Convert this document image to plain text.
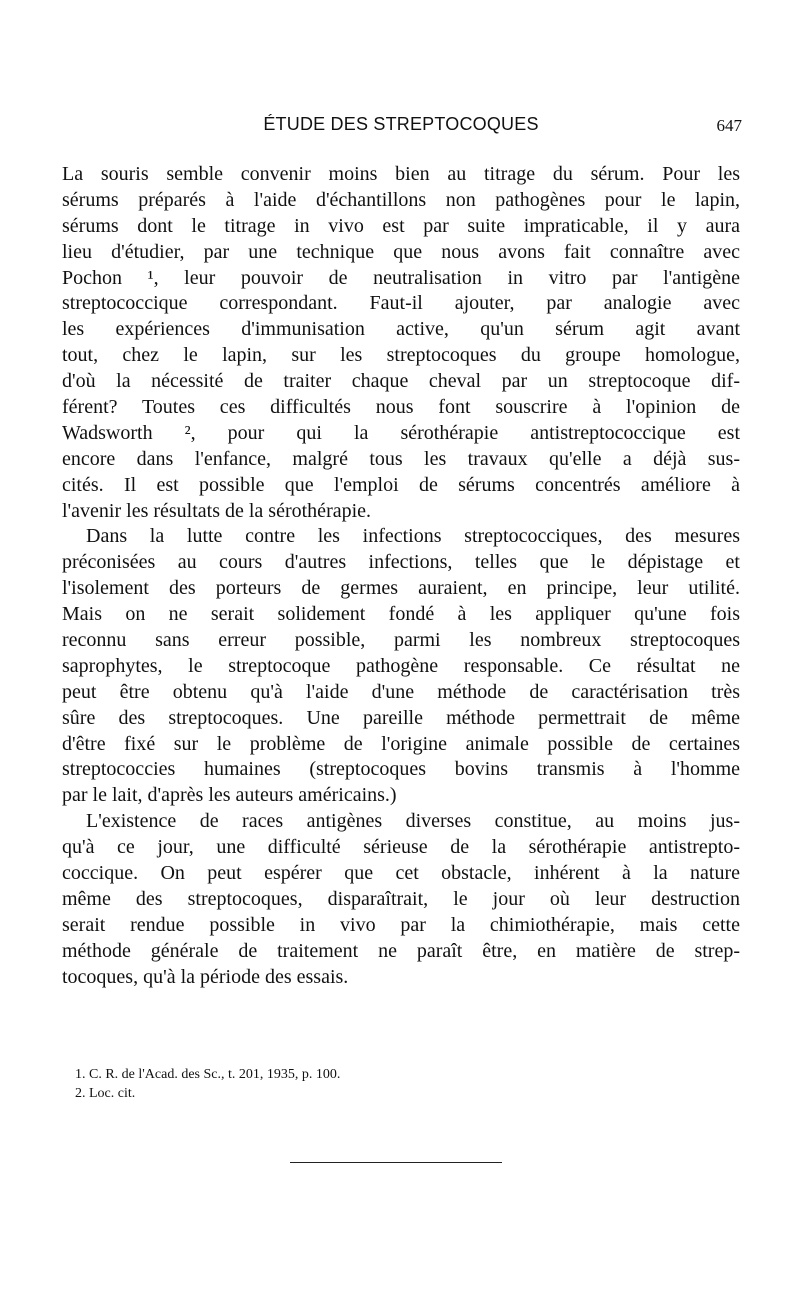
ÉTUDE DES STREPTOCOQUES	647
La souris semble convenir moins bien au titrage du sérum. Pour les
sérums préparés à l'aide d'échantillons non pathogènes pour le lapin,
sérums dont le titrage in vivo est par suite impraticable, il y aura
lieu d'étudier, par une technique que nous avons fait connaître avec
Pochon ¹, leur pouvoir de neutralisation in vitro par l'antigène
streptococcique correspondant. Faut-il ajouter, par analogie avec
les expériences d'immunisation active, qu'un sérum agit avant
tout, chez le lapin, sur les streptocoques du groupe homologue,
d'où la nécessité de traiter chaque cheval par un streptocoque dif-
férent? Toutes ces difficultés nous font souscrire à l'opinion de
Wadsworth ², pour qui la sérothérapie antistreptococcique est
encore dans l'enfance, malgré tous les travaux qu'elle a déjà sus-
cités. Il est possible que l'emploi de sérums concentrés améliore à
l'avenir les résultats de la sérothérapie.
Dans la lutte contre les infections streptococciques, des mesures
préconisées au cours d'autres infections, telles que le dépistage et
l'isolement des porteurs de germes auraient, en principe, leur utilité.
Mais on ne serait solidement fondé à les appliquer qu'une fois
reconnu sans erreur possible, parmi les nombreux streptocoques
saprophytes, le streptocoque pathogène responsable. Ce résultat ne
peut être obtenu qu'à l'aide d'une méthode de caractérisation très
sûre des streptocoques. Une pareille méthode permettrait de même
d'être fixé sur le problème de l'origine animale possible de certaines
streptococcies humaines (streptocoques bovins transmis à l'homme
par le lait, d'après les auteurs américains.)
L'existence de races antigènes diverses constitue, au moins jus-
qu'à ce jour, une difficulté sérieuse de la sérothérapie antistrepto-
coccique. On peut espérer que cet obstacle, inhérent à la nature
même des streptocoques, disparaîtrait, le jour où leur destruction
serait rendue possible in vivo par la chimiothérapie, mais cette
méthode générale de traitement ne paraît être, en matière de strep-
tocoques, qu'à la période des essais.
1. C. R. de l'Acad. des Sc., t. 201, 1935, p. 100.
2. Loc. cit.
